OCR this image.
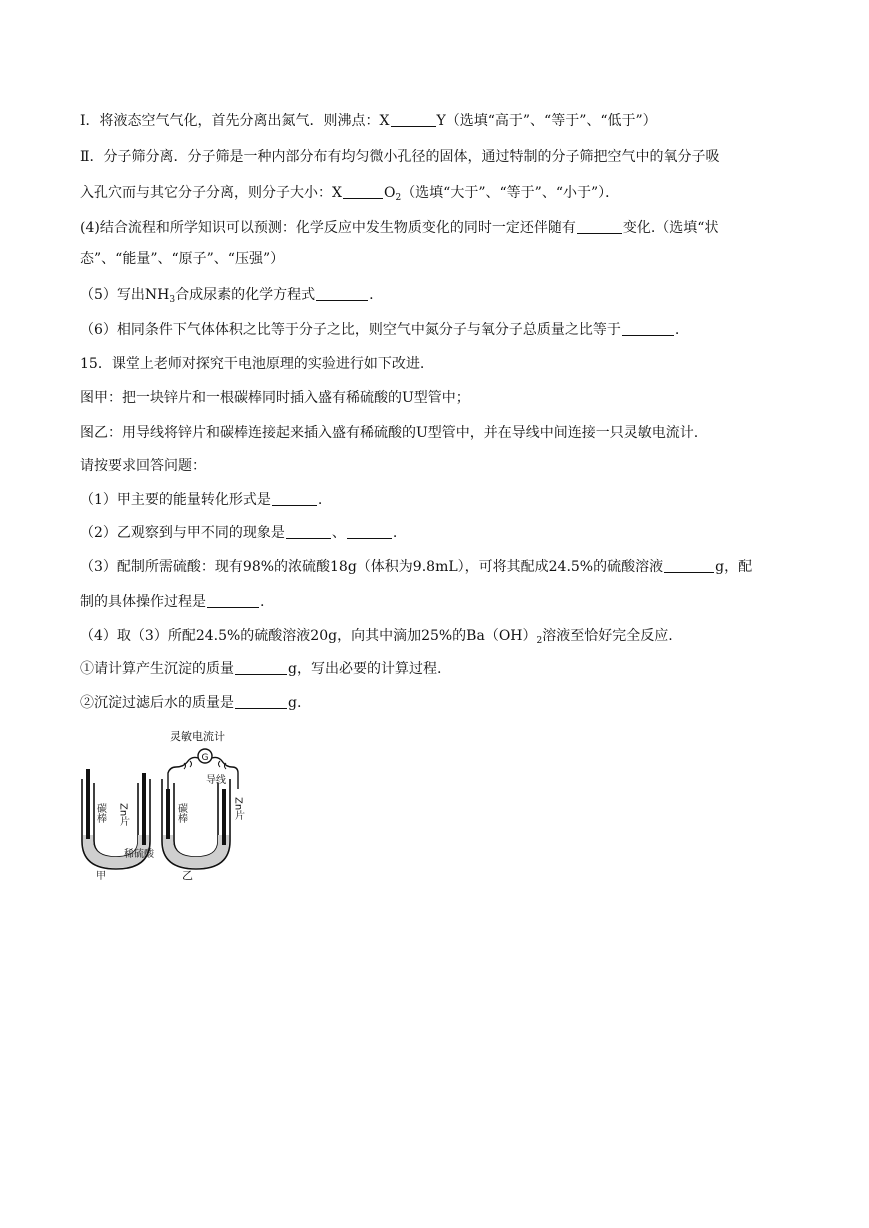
Ⅰ．将液态空气气化，首先分离出氮气．则沸点：X	Y（选填“高于”、“等于”、“低于”）
Ⅱ．分子筛分离．分子筛是一种内部分布有均匀微小孔径的固体，通过特制的分子筛把空气中的氧分子吸
入孔穴而与其它分子分离，则分子大小：X	$O_2$（选填“大于”、“等于”、“小于”）．
(4)结合流程和所学知识可以预测：化学反应中发生物质变化的同时一定还伴随有	变化.（选填“状
态”、“能量”、“原子”、“压强”）
（5）写出$NH_3$合成尿素的化学方程式	.
（6）相同条件下气体体积之比等于分子之比，则空气中氮分子与氧分子总质量之比等于	.
15．课堂上老师对探究干电池原理的实验进行如下改进.
图甲：把一块锌片和一根碳棒同时插入盛有稀硫酸的U型管中；
图乙：用导线将锌片和碳棒连接起来插入盛有稀硫酸的U型管中，并在导线中间连接一只灵敏电流计.
请按要求回答问题：
（1）甲主要的能量转化形式是	.
（2）乙观察到与甲不同的现象是	、	.
（3）配制所需硫酸：现有98%的浓硫酸18g（体积为9.8mL），可将其配成24.5%的硫酸溶液	g，配
制的具体操作过程是	.
（4）取（3）所配24.5%的硫酸溶液20g，向其中滴加25%的$Ba(OH)_2$溶液至恰好完全反应.
①请计算产生沉淀的质量	g，写出必要的计算过程.
②沉淀过滤后水的质量是	g.
灵敏电流计
G
导线
碳棒 Zn片	碳棒	Zn片
稀硫酸
甲	乙
